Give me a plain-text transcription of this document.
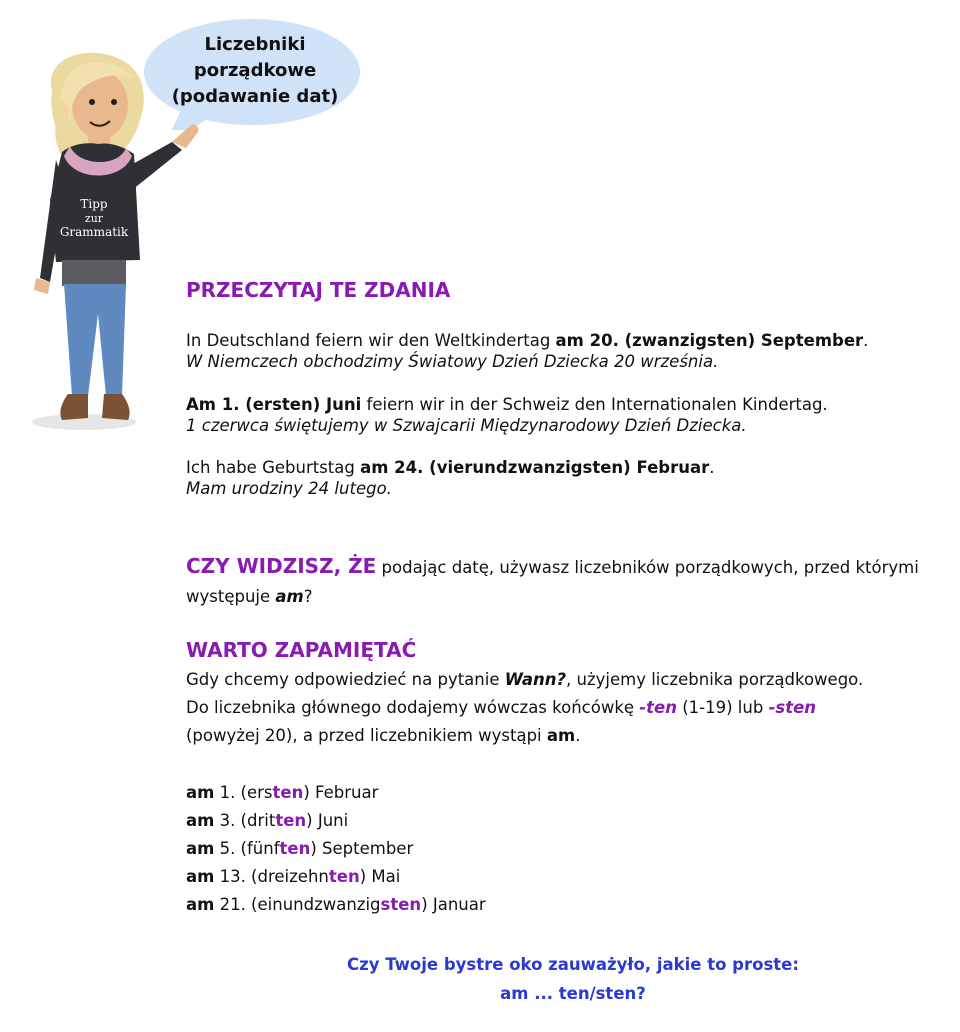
Liczebniki
porządkowe
(podawanie dat)
Tipp
zur
Grammatik
PRZECZYTAJ TE ZDANIA
In Deutschland feiern wir den Weltkindertag am 20. (zwanzigsten) September.
W Niemczech obchodzimy Światowy Dzień Dziecka 20 września.
Am 1. (ersten) Juni feiern wir in der Schweiz den Internationalen Kindertag.
1 czerwca świętujemy w Szwajcarii Międzynarodowy Dzień Dziecka.
Ich habe Geburtstag am 24. (vierundzwanzigsten) Februar.
Mam urodziny 24 lutego.
CZY WIDZISZ, ŻE podając datę, używasz liczebników porządkowych, przed którymi
występuje am?
WARTO ZAPAMIĘTAĆ
Gdy chcemy odpowiedzieć na pytanie Wann?, użyjemy liczebnika porządkowego.
Do liczebnika głównego dodajemy wówczas końcówkę -ten (1-19) lub -sten
(powyżej 20), a przed liczebnikiem wystąpi am.
am 1. (ersten) Februar
am 3. (dritten) Juni
am 5. (fünften) September
am 13. (dreizehnten) Mai
am 21. (einundzwanzigsten) Januar
Czy Twoje bystre oko zauważyło, jakie to proste:
am ... ten/sten?
